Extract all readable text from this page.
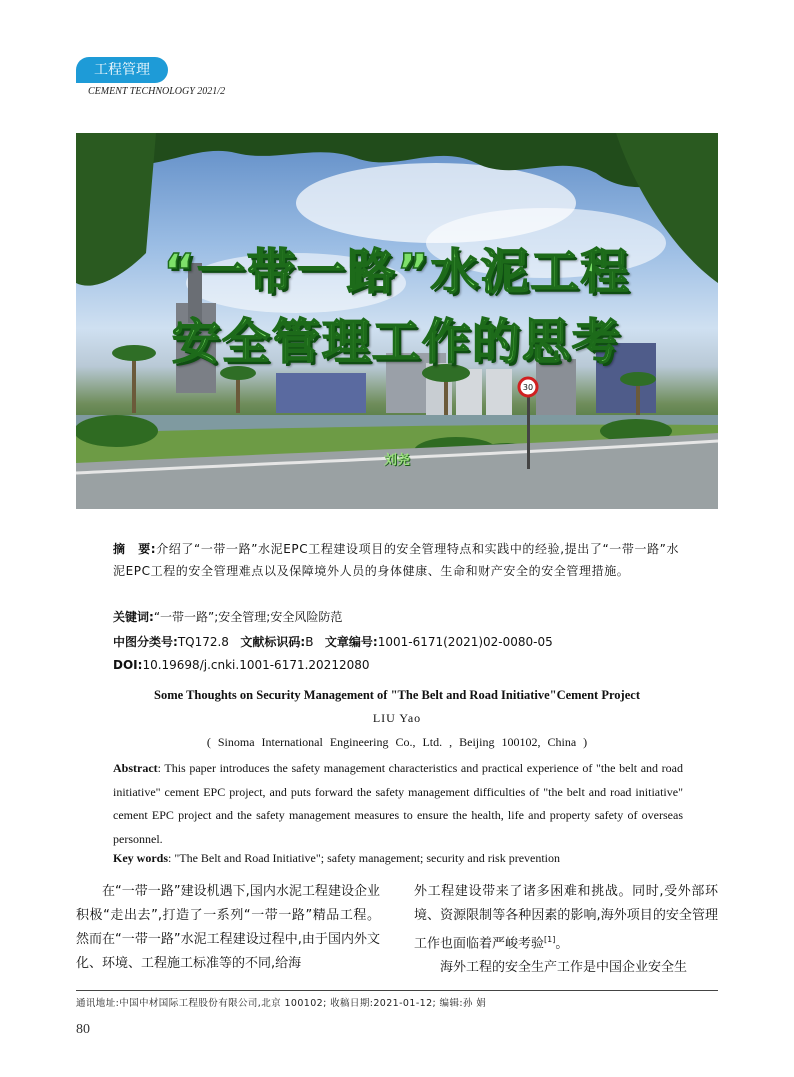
工程管理
CEMENT TECHNOLOGY 2021/2
30
“一带一路”水泥工程
安全管理工作的思考
刘尧
摘　要:介绍了“一带一路”水泥EPC工程建设项目的安全管理特点和实践中的经验,提出了“一带一路”水泥EPC工程的安全管理难点以及保障境外人员的身体健康、生命和财产安全的安全管理措施。
关键词:“一带一路”;安全管理;安全风险防范
中图分类号:TQ172.8 文献标识码:B 文章编号:1001-6171(2021)02-0080-05
DOI:10.19698/j.cnki.1001-6171.20212080
Some Thoughts on Security Management of "The Belt and Road Initiative"Cement Project
LIU Yao
( Sinoma International Engineering Co., Ltd. , Beijing 100102, China )
Abstract: This paper introduces the safety management characteristics and practical experience of "the belt and road initiative" cement EPC project, and puts forward the safety management difficulties of "the belt and road initiative" cement EPC project and the safety management measures to ensure the health, life and property safety of overseas personnel.
Key words: "The Belt and Road Initiative"; safety management; security and risk prevention

在“一带一路”建设机遇下,国内水泥工程建设企业积极“走出去”,打造了一系列“一带一路”精品工程。然而在“一带一路”水泥工程建设过程中,由于国内外文化、环境、工程施工标准等的不同,给海

外工程建设带来了诸多困难和挑战。同时,受外部环境、资源限制等各种因素的影响,海外项目的安全管理工作也面临着严峻考验[1]。

海外工程的安全生产工作是中国企业安全生

通讯地址:中国中材国际工程股份有限公司,北京 100102; 收稿日期:2021-01-12; 编辑:孙 娟
80
